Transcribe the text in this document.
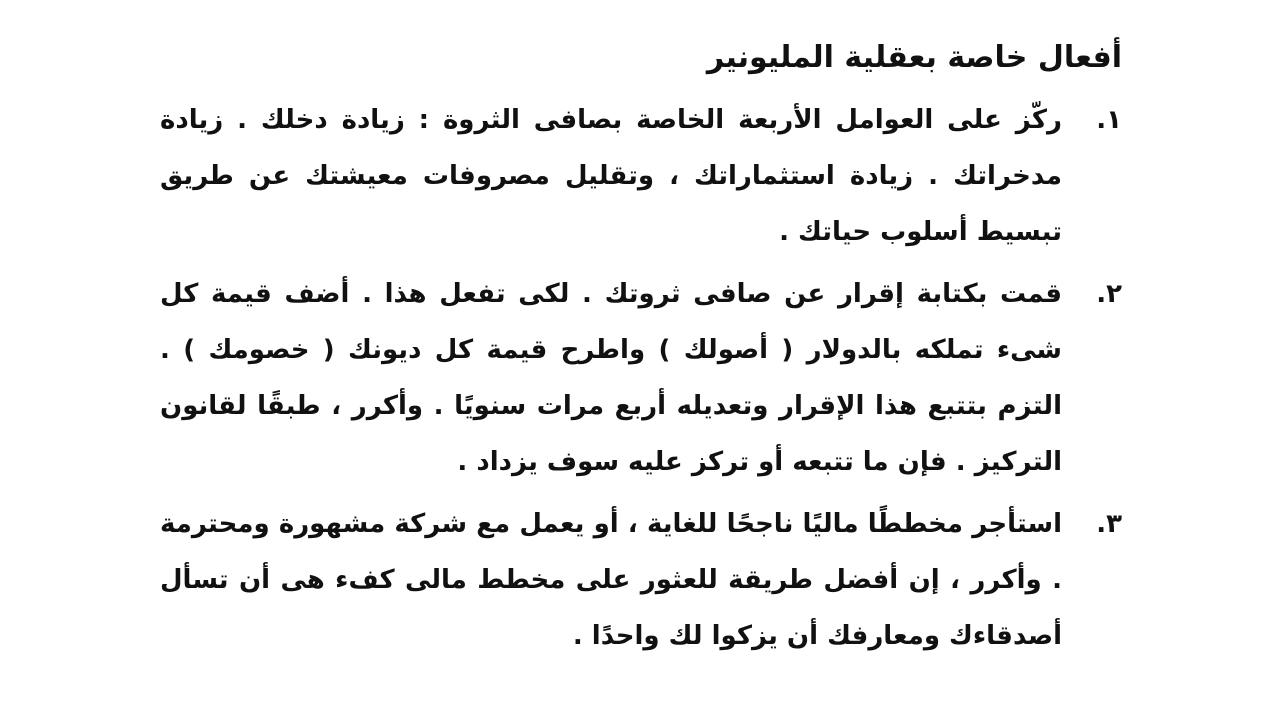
أفعال خاصة بعقلية المليونير
١.
ركّز على العوامل الأربعة الخاصة بصافى الثروة : زيادة دخلك . زيادة مدخراتك . زيادة استثماراتك ، وتقليل مصروفات معيشتك عن طريق تبسيط أسلوب حياتك .
٢.
قمت بكتابة إقرار عن صافى ثروتك . لكى تفعل هذا . أضف قيمة كل شىء تملكه بالدولار ( أصولك ) واطرح قيمة كل ديونك ( خصومك ) . التزم بتتبع هذا الإقرار وتعديله أربع مرات سنويًا . وأكرر ، طبقًا لقانون التركيز . فإن ما تتبعه أو تركز عليه سوف يزداد .
٣.
استأجر مخططًا ماليًا ناجحًا للغاية ، أو يعمل مع شركة مشهورة ومحترمة . وأكرر ، إن أفضل طريقة للعثور على مخطط مالى كفء هى أن تسأل أصدقاءك ومعارفك أن يزكوا لك واحدًا .
